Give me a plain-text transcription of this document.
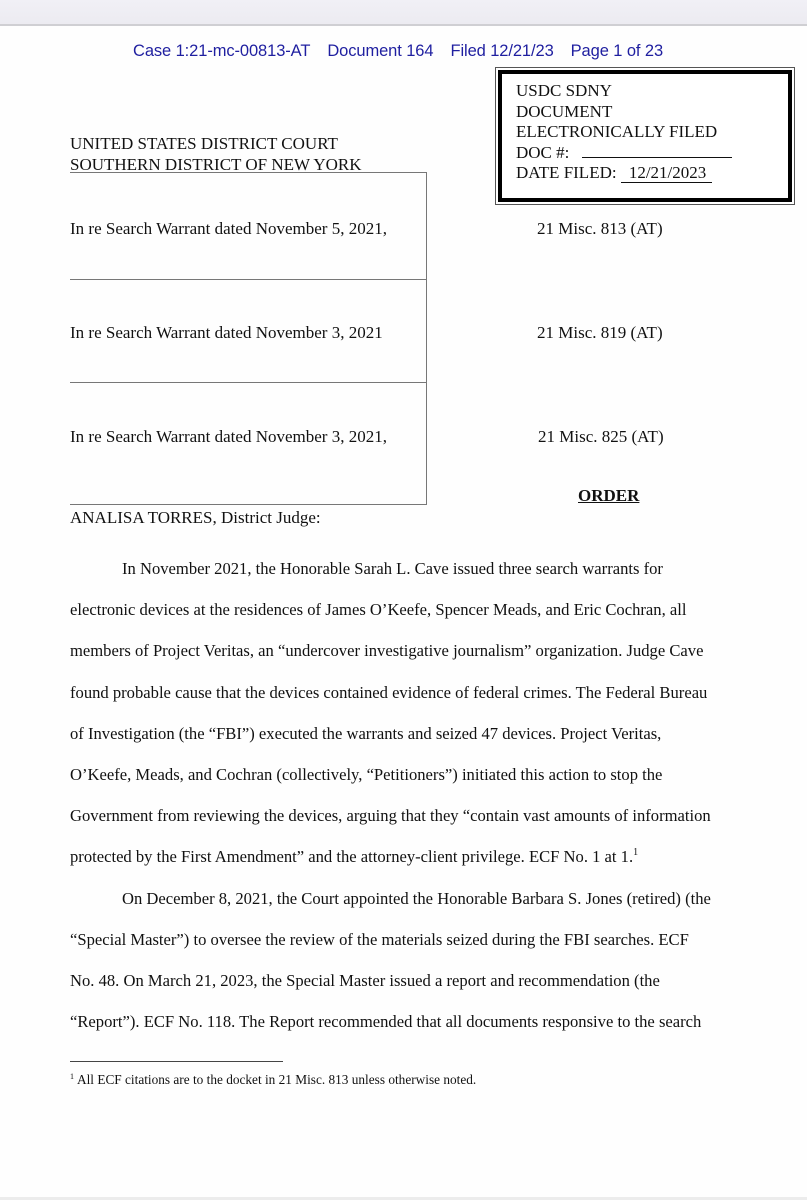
Case 1:21-mc-00813-AT Document 164 Filed 12/21/23 Page 1 of 23
USDC SDNY
DOCUMENT
ELECTRONICALLY FILED
DOC #:
DATE FILED: 12/21/2023
UNITED STATES DISTRICT COURT
SOUTHERN DISTRICT OF NEW YORK
In re Search Warrant dated November 5, 2021,	21 Misc. 813 (AT)
In re Search Warrant dated November 3, 2021	21 Misc. 819 (AT)
In re Search Warrant dated November 3, 2021,	21 Misc. 825 (AT)
ORDER
ANALISA TORRES, District Judge:
In November 2021, the Honorable Sarah L. Cave issued three search warrants for
electronic devices at the residences of James O’Keefe, Spencer Meads, and Eric Cochran, all
members of Project Veritas, an “undercover investigative journalism” organization. Judge Cave
found probable cause that the devices contained evidence of federal crimes. The Federal Bureau
of Investigation (the “FBI”) executed the warrants and seized 47 devices. Project Veritas,
O’Keefe, Meads, and Cochran (collectively, “Petitioners”) initiated this action to stop the
Government from reviewing the devices, arguing that they “contain vast amounts of information
protected by the First Amendment” and the attorney-client privilege. ECF No. 1 at 1.$^1$
On December 8, 2021, the Court appointed the Honorable Barbara S. Jones (retired) (the
“Special Master”) to oversee the review of the materials seized during the FBI searches. ECF
No. 48. On March 21, 2023, the Special Master issued a report and recommendation (the
“Report”). ECF No. 118. The Report recommended that all documents responsive to the search
$^1$ All ECF citations are to the docket in 21 Misc. 813 unless otherwise noted.
